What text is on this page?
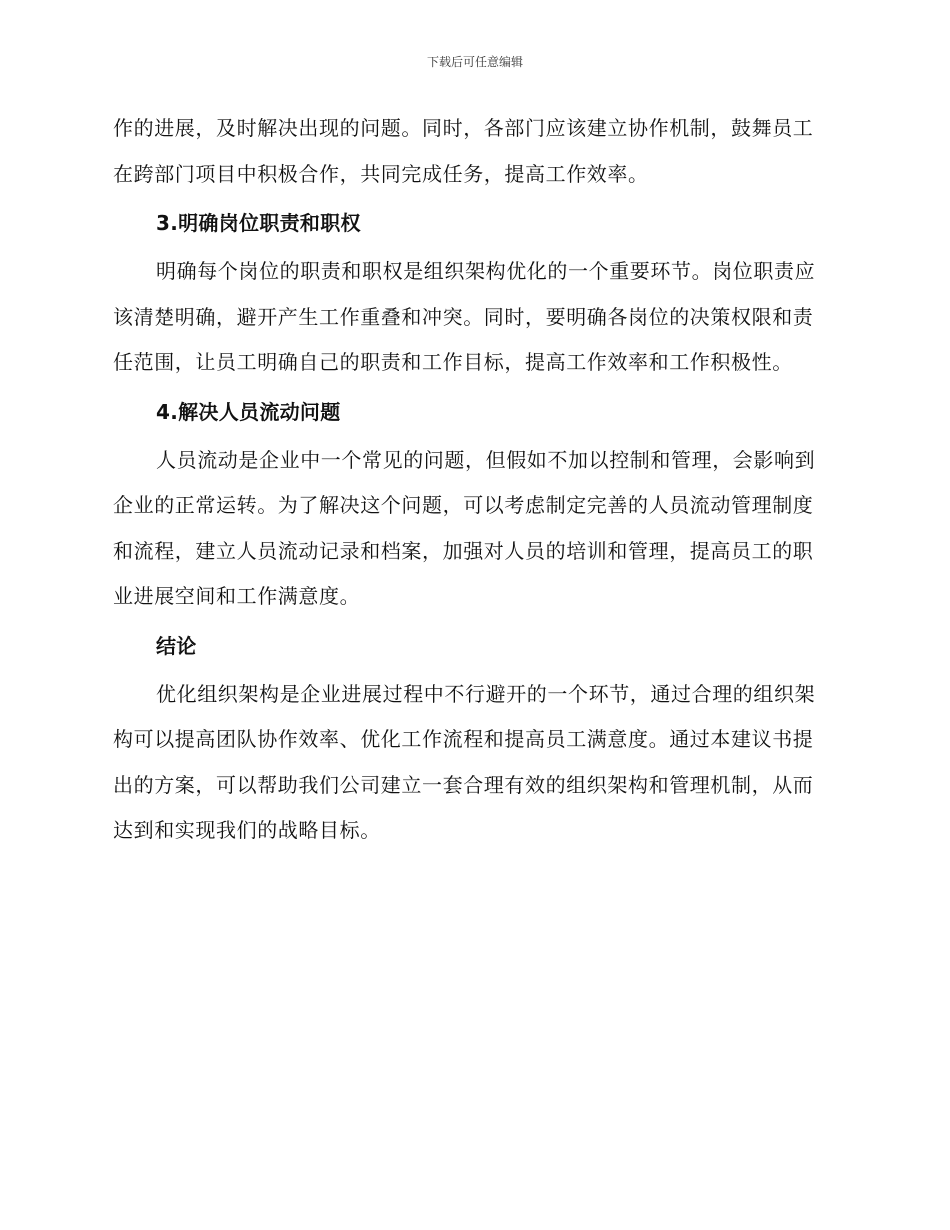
下载后可任意编辑

作的进展，及时解决出现的问题。同时，各部门应该建立协作机制，鼓舞员工在跨部门项目中积极合作，共同完成任务，提高工作效率。

3.明确岗位职责和职权

明确每个岗位的职责和职权是组织架构优化的一个重要环节。岗位职责应该清楚明确，避开产生工作重叠和冲突。同时，要明确各岗位的决策权限和责任范围，让员工明确自己的职责和工作目标，提高工作效率和工作积极性。

4.解决人员流动问题

人员流动是企业中一个常见的问题，但假如不加以控制和管理，会影响到企业的正常运转。为了解决这个问题，可以考虑制定完善的人员流动管理制度和流程，建立人员流动记录和档案，加强对人员的培训和管理，提高员工的职业进展空间和工作满意度。

结论

优化组织架构是企业进展过程中不行避开的一个环节，通过合理的组织架构可以提高团队协作效率、优化工作流程和提高员工满意度。通过本建议书提出的方案，可以帮助我们公司建立一套合理有效的组织架构和管理机制，从而达到和实现我们的战略目标。
